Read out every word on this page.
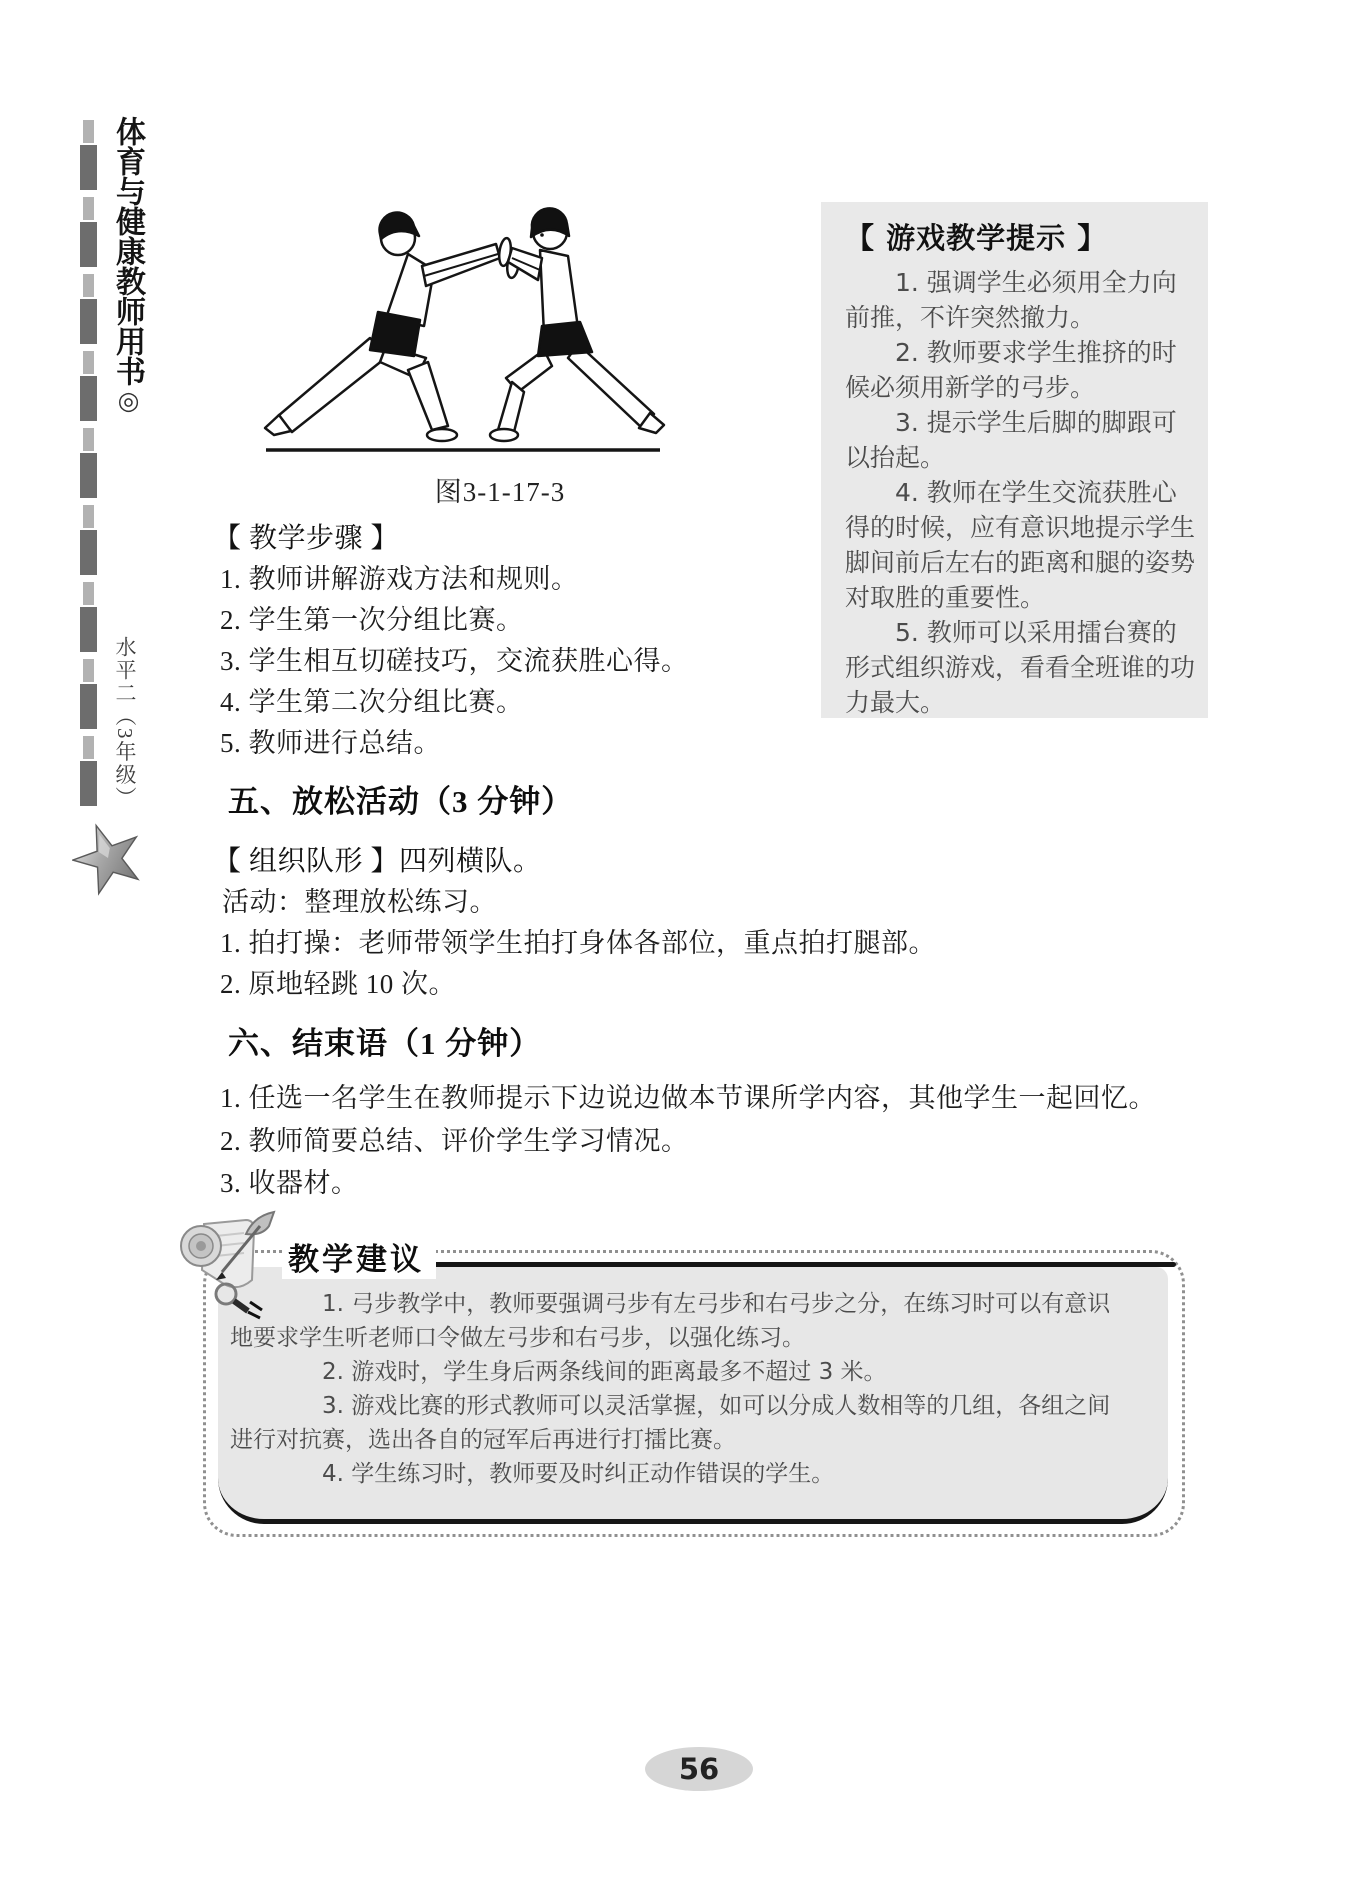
体育与健康教师用书◎
水平二（3年级）
图3-1-17-3
【 游戏教学提示 】

1. 强调学生必须用全力向前推，不许突然撤力。

2. 教师要求学生推挤的时候必须用新学的弓步。

3. 提示学生后脚的脚跟可以抬起。

4. 教师在学生交流获胜心得的时候，应有意识地提示学生脚间前后左右的距离和腿的姿势对取胜的重要性。

5. 教师可以采用擂台赛的形式组织游戏，看看全班谁的功力最大。

【 教学步骤 】
1. 教师讲解游戏方法和规则。
2. 学生第一次分组比赛。
3. 学生相互切磋技巧，交流获胜心得。
4. 学生第二次分组比赛。
5. 教师进行总结。
五、放松活动（3 分钟）
【 组织队形 】四列横队。
活动：整理放松练习。
1. 拍打操：老师带领学生拍打身体各部位，重点拍打腿部。
2. 原地轻跳 10 次。
六、结束语（1 分钟）
1. 任选一名学生在教师提示下边说边做本节课所学内容，其他学生一起回忆。
2. 教师简要总结、评价学生学习情况。
3. 收器材。
教学建议

1. 弓步教学中，教师要强调弓步有左弓步和右弓步之分，在练习时可以有意识地要求学生听老师口令做左弓步和右弓步，以强化练习。

2. 游戏时，学生身后两条线间的距离最多不超过 3 米。

3. 游戏比赛的形式教师可以灵活掌握，如可以分成人数相等的几组，各组之间进行对抗赛，选出各自的冠军后再进行打擂比赛。

4. 学生练习时，教师要及时纠正动作错误的学生。

56
